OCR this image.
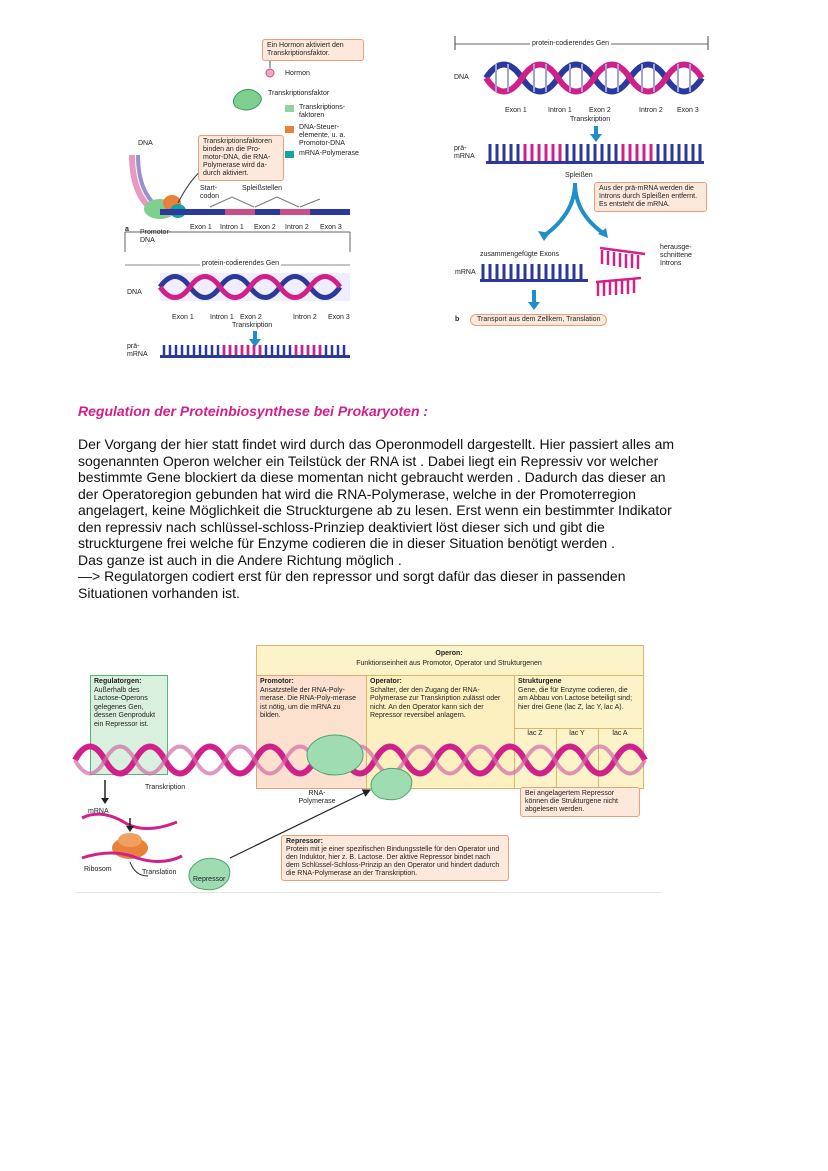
Ein Hormon aktiviert den Transkriptionsfaktor.
Hormon
Transkriptionsfaktor
Transkriptions-faktoren
DNA-Steuer-elemente, u. a. Promotor-DNA
mRNA-Polymerase
DNA	Transkriptionsfaktoren binden an die Pro-motor-DNA, die RNA-Polymerase wird da-durch aktiviert.
Start-codon
Spleißstellen
a Promotor-DNA
Exon 1 Intron 1 Exon 2 Intron 2 Exon 3
protein-codierendes Gen
DNA
Exon 1 Intron 1 Exon 2	Intron 2 Exon 3
Transkription
prä-mRNA
protein-codierendes Gen
DNA
Exon 1	Intron 1 Exon 2	Intron 2 Exon 3
Transkription
prä-mRNA
Spleißen
Aus der prä-mRNA werden die Introns durch Spleißen entfernt. Es entsteht die mRNA.
zusammengefügte Exons
mRNA
herausge-schnittene Introns
b	Transport aus dem Zellkern, Translation
Regulation der Proteinbiosynthese bei Prokaryoten :

Der Vorgang der hier statt findet wird durch das Operonmodell dargestellt. Hier passiert alles am

sogenannten Operon welcher ein Teilstück der RNA ist . Dabei liegt ein Repressiv vor welcher

bestimmte Gene blockiert da diese momentan nicht gebraucht werden . Dadurch das dieser an

der Operatoregion gebunden hat wird die RNA-Polymerase, welche in der Promoterregion

angelagert, keine Möglichkeit die Struckturgene ab zu lesen. Erst wenn ein bestimmter Indikator

den repressiv nach schlüssel-schloss-Prinziep deaktiviert löst dieser sich und gibt die

struckturgene frei welche für Enzyme codieren die in dieser Situation benötigt werden .

Das ganze ist auch in die Andere Richtung möglich .

—> Regulatorgen codiert erst für den repressor und sorgt dafür das dieser in passenden

Situationen vorhanden ist.

Operon:
Funktionseinheit aus Promotor, Operator und Strukturgenen
Regulatorgen:
Außerhalb des Lactose-Operons gelegenes Gen, dessen Genprodukt ein Repressor ist.
Promotor:
Ansatzstelle der RNA-Poly-merase. Die RNA-Poly-merase ist nötig, um die mRNA zu bilden.
Operator:
Schalter, der den Zugang der RNA-Polymerase zur Transkription zulässt oder nicht. An den Operator kann sich der Repressor reversibel anlagern.
Strukturgene
Gene, die für Enzyme codieren, die am Abbau von Lactose beteiligt sind; hier drei Gene (lac Z, lac Y, lac A).
lac Z	lac Y	lac A
Transkription
mRNA
Ribosom	Translation
Repressor
RNA-Polymerase
Bei angelagertem Repressor können die Strukturgene nicht abgelesen werden.
Repressor:
Protein mit je einer spezifischen Bindungsstelle für den Operator und den Induktor, hier z. B. Lactose. Der aktive Repressor bindet nach dem Schlüssel-Schloss-Prinzip an den Operator und hindert dadurch die RNA-Polymerase an der Transkription.
